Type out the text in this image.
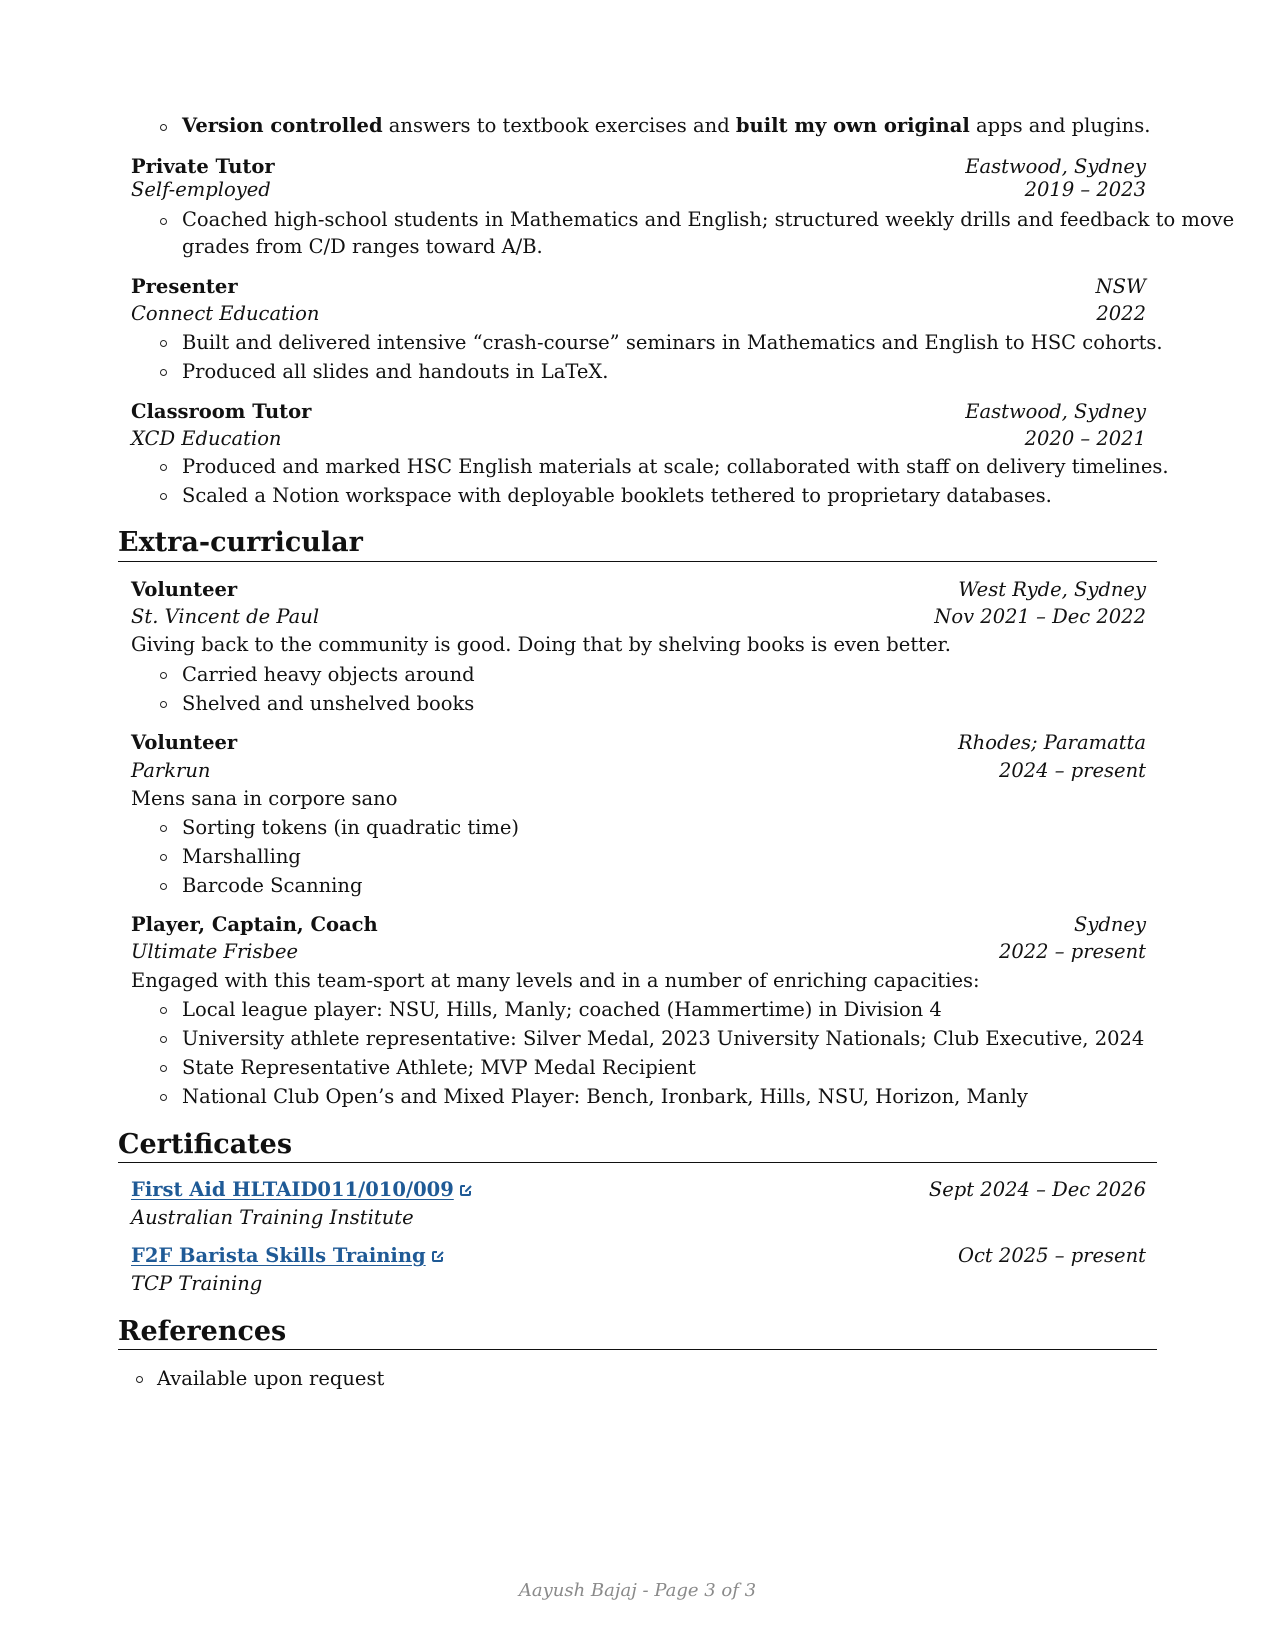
Version controlled answers to textbook exercises and built my own original apps and plugins.
Private Tutor	Eastwood, Sydney
Self-employed	2019 – 2023
Coached high-school students in Mathematics and English; structured weekly drills and feedback to move
grades from C/D ranges toward A/B.
Presenter	NSW
Connect Education	2022
Built and delivered intensive “crash-course” seminars in Mathematics and English to HSC cohorts.
Produced all slides and handouts in LaTeX.
Classroom Tutor	Eastwood, Sydney
XCD Education	2020 – 2021
Produced and marked HSC English materials at scale; collaborated with staff on delivery timelines.
Scaled a Notion workspace with deployable booklets tethered to proprietary databases.
Extra-curricular
Volunteer	West Ryde, Sydney
St. Vincent de Paul	Nov 2021 – Dec 2022
Giving back to the community is good. Doing that by shelving books is even better.
Carried heavy objects around
Shelved and unshelved books
Volunteer	Rhodes; Paramatta
Parkrun	2024 – present
Mens sana in corpore sano
Sorting tokens (in quadratic time)
Marshalling
Barcode Scanning
Player, Captain, Coach	Sydney
Ultimate Frisbee	2022 – present
Engaged with this team-sport at many levels and in a number of enriching capacities:
Local league player: NSU, Hills, Manly; coached (Hammertime) in Division 4
University athlete representative: Silver Medal, 2023 University Nationals; Club Executive, 2024
State Representative Athlete; MVP Medal Recipient
National Club Open’s and Mixed Player: Bench, Ironbark, Hills, NSU, Horizon, Manly
Certificates
First Aid HLTAID011/010/009	Sept 2024 – Dec 2026
Australian Training Institute
F2F Barista Skills Training	Oct 2025 – present
TCP Training
References
Available upon request
Aayush Bajaj - Page 3 of 3
